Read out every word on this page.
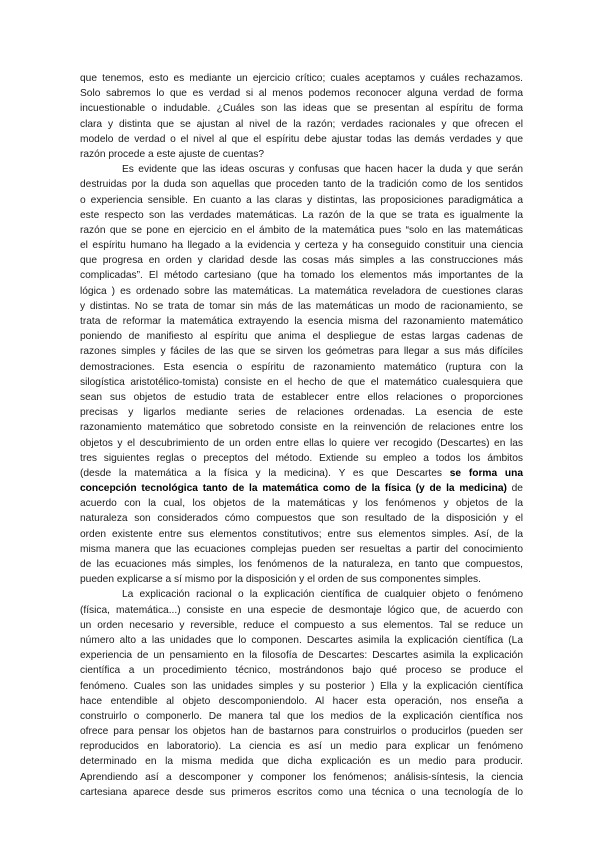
que tenemos, esto es mediante un ejercicio crítico; cuales aceptamos y cuáles rechazamos.
Solo sabremos lo que es verdad si al menos podemos reconocer alguna verdad de forma
incuestionable o indudable. ¿Cuáles son las ideas que se presentan al espíritu de forma
clara y distinta que se ajustan al nivel de la razón; verdades racionales y que ofrecen el
modelo de verdad o el nivel al que el espíritu debe ajustar todas las demás verdades y que
razón procede a este ajuste de cuentas?
Es evidente que las ideas oscuras y confusas que hacen hacer la duda y que serán
destruidas por la duda son aquellas que proceden tanto de la tradición como de los sentidos
o experiencia sensible. En cuanto a las claras y distintas, las proposiciones paradigmática a
este respecto son las verdades matemáticas. La razón de la que se trata es igualmente la
razón que se pone en ejercicio en el ámbito de la matemática pues “solo en las matemáticas
el espíritu humano ha llegado a la evidencia y certeza y ha conseguido constituir una ciencia
que progresa en orden y claridad desde las cosas más simples a las construcciones más
complicadas”. El método cartesiano (que ha tomado los elementos más importantes de la
lógica ) es ordenado sobre las matemáticas. La matemática reveladora de cuestiones claras
y distintas. No se trata de tomar sin más de las matemáticas un modo de racionamiento, se
trata de reformar la matemática extrayendo la esencia misma del razonamiento matemático
poniendo de manifiesto al espíritu que anima el despliegue de estas largas cadenas de
razones simples y fáciles de las que se sirven los geómetras para llegar a sus más difíciles
demostraciones. Esta esencia o espíritu de razonamiento matemático (ruptura con la
silogística aristotélico-tomista) consiste en el hecho de que el matemático cualesquiera que
sean sus objetos de estudio trata de establecer entre ellos relaciones o proporciones
precisas y ligarlos mediante series de relaciones ordenadas. La esencia de este
razonamiento matemático que sobretodo consiste en la reinvención de relaciones entre los
objetos y el descubrimiento de un orden entre ellas lo quiere ver recogido (Descartes) en las
tres siguientes reglas o preceptos del método. Extiende su empleo a todos los ámbitos
(desde la matemática a la física y la medicina). Y es que Descartes se forma una
concepción tecnológica tanto de la matemática como de la física (y de la medicina) de
acuerdo con la cual, los objetos de la matemáticas y los fenómenos y objetos de la
naturaleza son considerados cómo compuestos que son resultado de la disposición y el
orden existente entre sus elementos constitutivos; entre sus elementos simples. Así, de la
misma manera que las ecuaciones complejas pueden ser resueltas a partir del conocimiento
de las ecuaciones más simples, los fenómenos de la naturaleza, en tanto que compuestos,
pueden explicarse a sí mismo por la disposición y el orden de sus componentes simples.
La explicación racional o la explicación científica de cualquier objeto o fenómeno
(física, matemática...) consiste en una especie de desmontaje lógico que, de acuerdo con
un orden necesario y reversible, reduce el compuesto a sus elementos. Tal se reduce un
número alto a las unidades que lo componen. Descartes asimila la explicación científica (La
experiencia de un pensamiento en la filosofía de Descartes: Descartes asimila la explicación
científica a un procedimiento técnico, mostrándonos bajo qué proceso se produce el
fenómeno. Cuales son las unidades simples y su posterior ) Ella y la explicación científica
hace entendible al objeto descomponiendolo. Al hacer esta operación, nos enseña a
construirlo o componerlo. De manera tal que los medios de la explicación científica nos
ofrece para pensar los objetos han de bastarnos para construirlos o producirlos (pueden ser
reproducidos en laboratorio). La ciencia es así un medio para explicar un fenómeno
determinado en la misma medida que dicha explicación es un medio para producir.
Aprendiendo así a descomponer y componer los fenómenos; análisis-síntesis, la ciencia
cartesiana aparece desde sus primeros escritos como una técnica o una tecnología de lo
